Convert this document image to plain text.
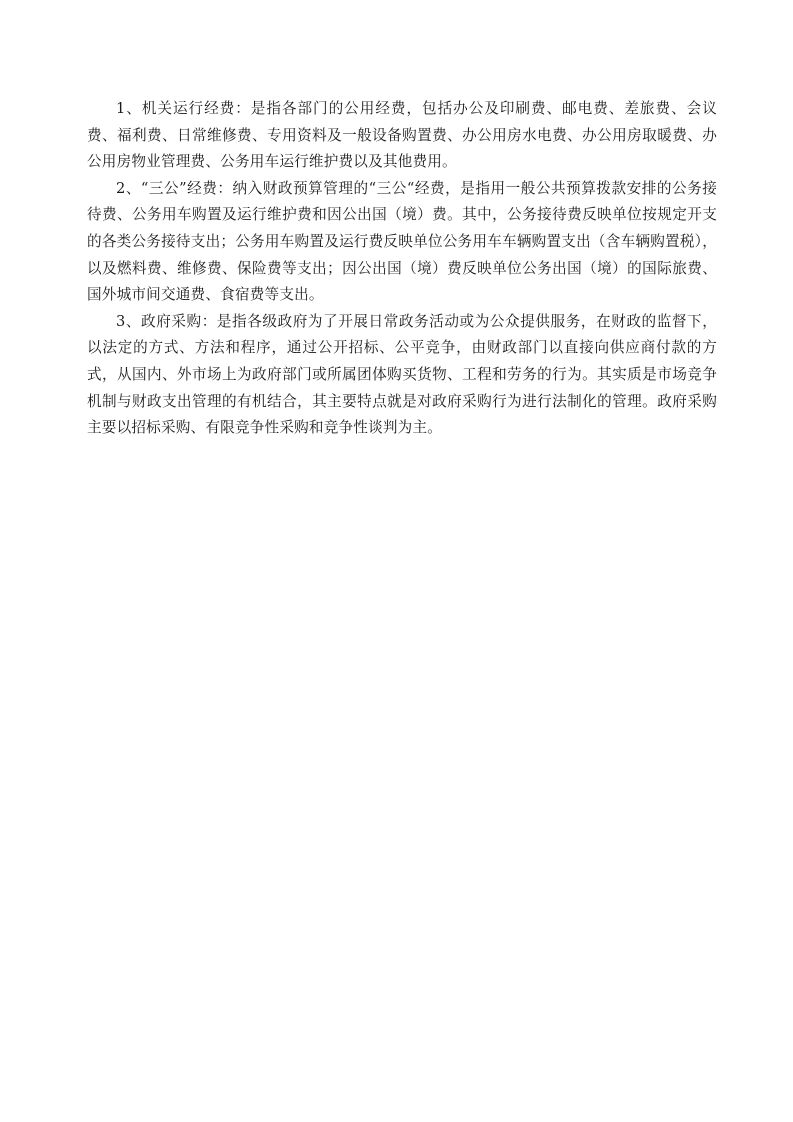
1、机关运行经费：是指各部门的公用经费，包括办公及印刷费、邮电费、差旅费、会议费、福利费、日常维修费、专用资料及一般设备购置费、办公用房水电费、办公用房取暖费、办公用房物业管理费、公务用车运行维护费以及其他费用。

2、“三公”经费：纳入财政预算管理的“三公“经费，是指用一般公共预算拨款安排的公务接待费、公务用车购置及运行维护费和因公出国（境）费。其中，公务接待费反映单位按规定开支的各类公务接待支出；公务用车购置及运行费反映单位公务用车车辆购置支出（含车辆购置税），以及燃料费、维修费、保险费等支出；因公出国（境）费反映单位公务出国（境）的国际旅费、国外城市间交通费、食宿费等支出。

3、政府采购：是指各级政府为了开展日常政务活动或为公众提供服务，在财政的监督下，以法定的方式、方法和程序，通过公开招标、公平竞争，由财政部门以直接向供应商付款的方式，从国内、外市场上为政府部门或所属团体购买货物、工程和劳务的行为。其实质是市场竞争机制与财政支出管理的有机结合，其主要特点就是对政府采购行为进行法制化的管理。政府采购主要以招标采购、有限竞争性采购和竞争性谈判为主。
